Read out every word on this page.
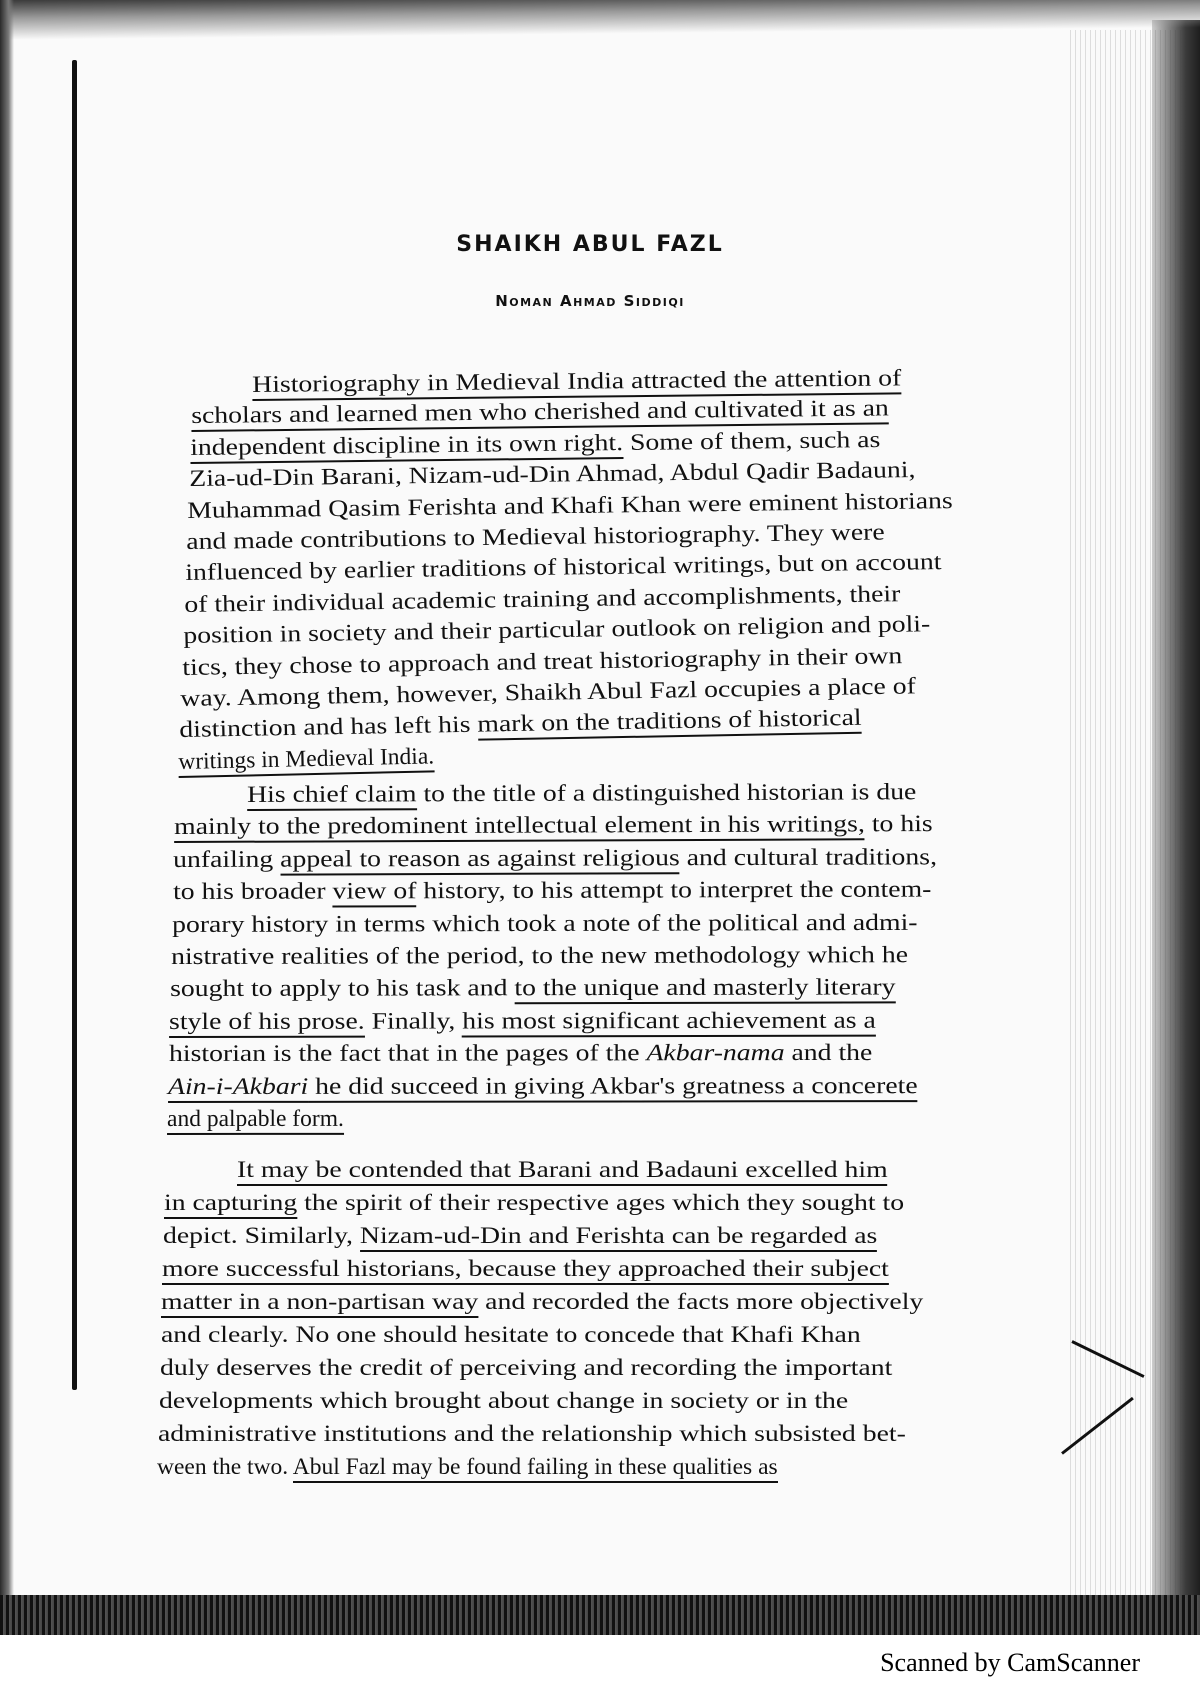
SHAIKH ABUL FAZL
Noman Ahmad Siddiqi
Historiography in Medieval India attracted the attention of
scholars and learned men who cherished and cultivated it as an
independent discipline in its own right. Some of them, such as
Zia-ud-Din Barani, Nizam-ud-Din Ahmad, Abdul Qadir Badauni,
Muhammad Qasim Ferishta and Khafi Khan were eminent historians
and made contributions to Medieval historiography. They were
influenced by earlier traditions of historical writings, but on account
of their individual academic training and accomplishments, their
position in society and their particular outlook on religion and poli-
tics, they chose to approach and treat historiography in their own
way. Among them, however, Shaikh Abul Fazl occupies a place of
distinction and has left his mark on the traditions of historical
writings in Medieval India.
His chief claim to the title of a distinguished historian is due
mainly to the predominent intellectual element in his writings, to his
unfailing appeal to reason as against religious and cultural traditions,
to his broader view of history, to his attempt to interpret the contem-
porary history in terms which took a note of the political and admi-
nistrative realities of the period, to the new methodology which he
sought to apply to his task and to the unique and masterly literary
style of his prose. Finally, his most significant achievement as a
historian is the fact that in the pages of the Akbar-nama and the
Ain-i-Akbari he did succeed in giving Akbar's greatness a concerete
and palpable form.
It may be contended that Barani and Badauni excelled him
in capturing the spirit of their respective ages which they sought to
depict. Similarly, Nizam-ud-Din and Ferishta can be regarded as
more successful historians, because they approached their subject
matter in a non-partisan way and recorded the facts more objectively
and clearly. No one should hesitate to concede that Khafi Khan
duly deserves the credit of perceiving and recording the important
developments which brought about change in society or in the
administrative institutions and the relationship which subsisted bet-
ween the two. Abul Fazl may be found failing in these qualities as
Scanned by CamScanner
